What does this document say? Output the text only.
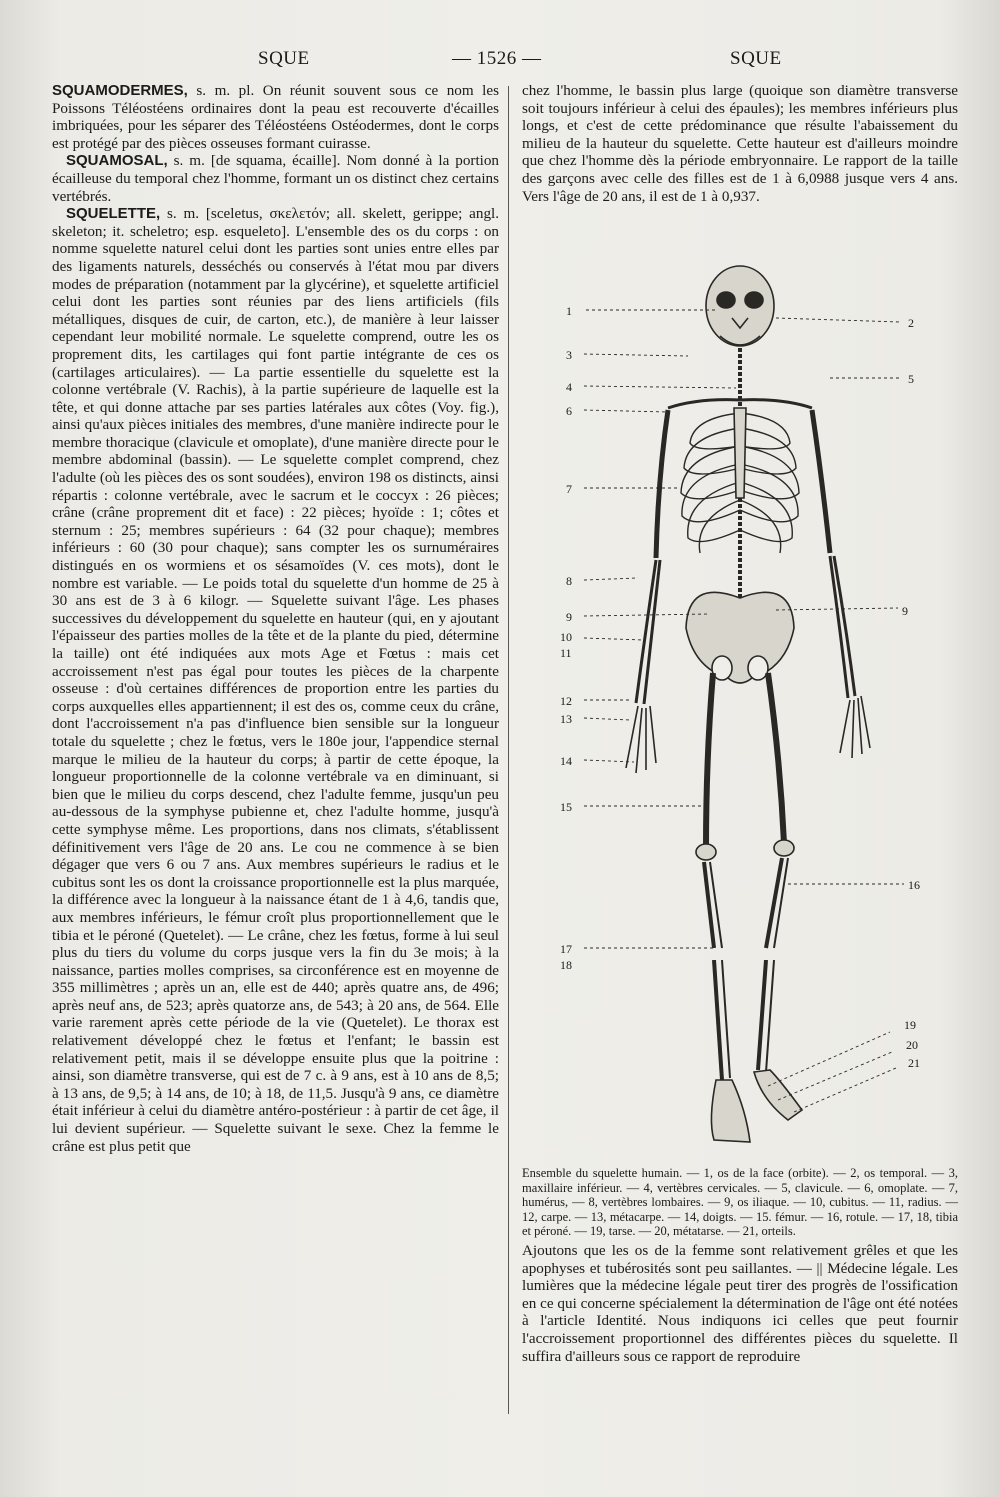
SQUE	— 1526 —	SQUE

SQUAMODERMES, s. m. pl. On réunit souvent sous ce nom les Poissons Téléostéens ordinaires dont la peau est recouverte d'écailles imbriquées, pour les séparer des Téléostéens Ostéodermes, dont le corps est protégé par des pièces osseuses formant cuirasse.

SQUAMOSAL, s. m. [de squama, écaille]. Nom donné à la portion écailleuse du temporal chez l'homme, formant un os distinct chez certains vertébrés.

SQUELETTE, s. m. [sceletus, σκελετόν; all. skelett, gerippe; angl. skeleton; it. scheletro; esp. esqueleto]. L'ensemble des os du corps : on nomme squelette naturel celui dont les parties sont unies entre elles par des ligaments naturels, desséchés ou conservés à l'état mou par divers modes de préparation (notamment par la glycérine), et squelette artificiel celui dont les parties sont réunies par des liens artificiels (fils métalliques, disques de cuir, de carton, etc.), de manière à leur laisser cependant leur mobilité normale. Le squelette comprend, outre les os proprement dits, les cartilages qui font partie intégrante de ces os (cartilages articulaires). — La partie essentielle du squelette est la colonne vertébrale (V. Rachis), à la partie supérieure de laquelle est la tête, et qui donne attache par ses parties latérales aux côtes (Voy. fig.), ainsi qu'aux pièces initiales des membres, d'une manière indirecte pour le membre thoracique (clavicule et omoplate), d'une manière directe pour le membre abdominal (bassin). — Le squelette complet comprend, chez l'adulte (où les pièces des os sont soudées), environ 198 os distincts, ainsi répartis : colonne vertébrale, avec le sacrum et le coccyx : 26 pièces; crâne (crâne proprement dit et face) : 22 pièces; hyoïde : 1; côtes et sternum : 25; membres supérieurs : 64 (32 pour chaque); membres inférieurs : 60 (30 pour chaque); sans compter les os surnuméraires distingués en os wormiens et os sésamoïdes (V. ces mots), dont le nombre est variable. — Le poids total du squelette d'un homme de 25 à 30 ans est de 3 à 6 kilogr. — Squelette suivant l'âge. Les phases successives du développement du squelette en hauteur (qui, en y ajoutant l'épaisseur des parties molles de la tête et de la plante du pied, détermine la taille) ont été indiquées aux mots Age et Fœtus : mais cet accroissement n'est pas égal pour toutes les pièces de la charpente osseuse : d'où certaines différences de proportion entre les parties du corps auxquelles elles appartiennent; il est des os, comme ceux du crâne, dont l'accroissement n'a pas d'influence bien sensible sur la longueur totale du squelette ; chez le fœtus, vers le 180e jour, l'appendice sternal marque le milieu de la hauteur du corps; à partir de cette époque, la longueur proportionnelle de la colonne vertébrale va en diminuant, si bien que le milieu du corps descend, chez l'adulte femme, jusqu'un peu au-dessous de la symphyse pubienne et, chez l'adulte homme, jusqu'à cette symphyse même. Les proportions, dans nos climats, s'établissent définitivement vers l'âge de 20 ans. Le cou ne commence à se bien dégager que vers 6 ou 7 ans. Aux membres supérieurs le radius et le cubitus sont les os dont la croissance proportionnelle est la plus marquée, la différence avec la longueur à la naissance étant de 1 à 4,6, tandis que, aux membres inférieurs, le fémur croît plus proportionnellement que le tibia et le péroné (Quetelet). — Le crâne, chez les fœtus, forme à lui seul plus du tiers du volume du corps jusque vers la fin du 3e mois; à la naissance, parties molles comprises, sa circonférence est en moyenne de 355 millimètres ; après un an, elle est de 440; après quatre ans, de 496; après neuf ans, de 523; après quatorze ans, de 543; à 20 ans, de 564. Elle varie rarement après cette période de la vie (Quetelet). Le thorax est relativement développé chez le fœtus et l'enfant; le bassin est relativement petit, mais il se développe ensuite plus que la poitrine : ainsi, son diamètre transverse, qui est de 7 c. à 9 ans, est à 10 ans de 8,5; à 13 ans, de 9,5; à 14 ans, de 10; à 18, de 11,5. Jusqu'à 9 ans, ce diamètre était inférieur à celui du diamètre antéro-postérieur : à partir de cet âge, il lui devient supérieur. — Squelette suivant le sexe. Chez la femme le crâne est plus petit que

chez l'homme, le bassin plus large (quoique son diamètre transverse soit toujours inférieur à celui des épaules); les membres inférieurs plus longs, et c'est de cette prédominance que résulte l'abaissement du milieu de la hauteur du squelette. Cette hauteur est d'ailleurs moindre que chez l'homme dès la période embryonnaire. Le rapport de la taille des garçons avec celle des filles est de 1 à 6,0988 jusque vers 4 ans. Vers l'âge de 20 ans, il est de 1 à 0,937.

1
2
3
4
5
6
7
8
9	9
10
11
12
13
14
15
16
17
18
19
20
21

Ensemble du squelette humain. — 1, os de la face (orbite). — 2, os temporal. — 3, maxillaire inférieur. — 4, vertèbres cervicales. — 5, clavicule. — 6, omoplate. — 7, humérus, — 8, vertèbres lombaires. — 9, os iliaque. — 10, cubitus. — 11, radius. — 12, carpe. — 13, métacarpe. — 14, doigts. — 15. fémur. — 16, rotule. — 17, 18, tibia et péroné. — 19, tarse. — 20, métatarse. — 21, orteils.

Ajoutons que les os de la femme sont relativement grêles et que les apophyses et tubérosités sont peu saillantes. — || Médecine légale. Les lumières que la médecine légale peut tirer des progrès de l'ossification en ce qui concerne spécialement la détermination de l'âge ont été notées à l'article Identité. Nous indiquons ici celles que peut fournir l'accroissement proportionnel des différentes pièces du squelette. Il suffira d'ailleurs sous ce rapport de reproduire
